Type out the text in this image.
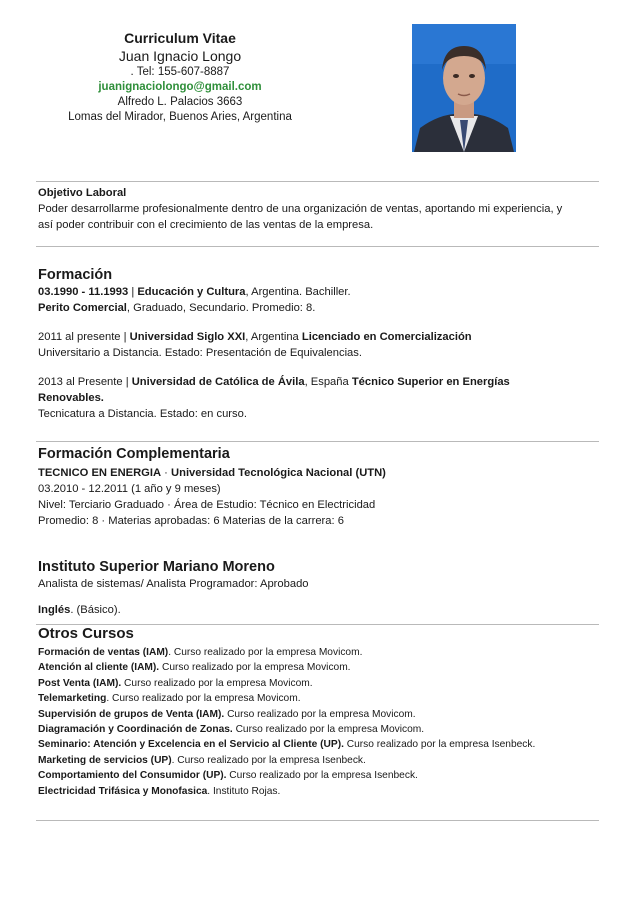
Curriculum Vitae
Juan Ignacio Longo
. Tel: 155-607-8887
juanignaciolongo@gmail.com
Alfredo L. Palacios 3663
Lomas del Mirador, Buenos Aries, Argentina
Objetivo Laboral
Poder desarrollarme profesionalmente dentro de una organización de ventas, aportando mi experiencia, y
así poder contribuir con el crecimiento de las ventas de la empresa.
Formación
03.1990 - 11.1993 | Educación y Cultura, Argentina. Bachiller.
Perito Comercial, Graduado, Secundario. Promedio: 8.
2011 al presente | Universidad Siglo XXI, Argentina Licenciado en Comercialización
Universitario a Distancia. Estado: Presentación de Equivalencias.
2013 al Presente | Universidad de Católica de Ávila, España Técnico Superior en Energías
Renovables.
Tecnicatura a Distancia. Estado: en curso.
Formación Complementaria
TECNICO EN ENERGIA · Universidad Tecnológica Nacional (UTN)
03.2010 - 12.2011 (1 año y 9 meses)
Nivel: Terciario Graduado · Área de Estudio: Técnico en Electricidad
Promedio: 8 · Materias aprobadas: 6 Materias de la carrera: 6
Instituto Superior Mariano Moreno
Analista de sistemas/ Analista Programador: Aprobado
Inglés. (Básico).
Otros Cursos
Formación de ventas (IAM). Curso realizado por la empresa Movicom.
Atención al cliente (IAM). Curso realizado por la empresa Movicom.
Post Venta (IAM). Curso realizado por la empresa Movicom.
Telemarketing. Curso realizado por la empresa Movicom.
Supervisión de grupos de Venta (IAM). Curso realizado por la empresa Movicom.
Diagramación y Coordinación de Zonas. Curso realizado por la empresa Movicom.
Seminario: Atención y Excelencia en el Servicio al Cliente (UP). Curso realizado por la empresa Isenbeck.
Marketing de servicios (UP). Curso realizado por la empresa Isenbeck.
Comportamiento del Consumidor (UP). Curso realizado por la empresa Isenbeck.
Electricidad Trifásica y Monofasica. Instituto Rojas.
